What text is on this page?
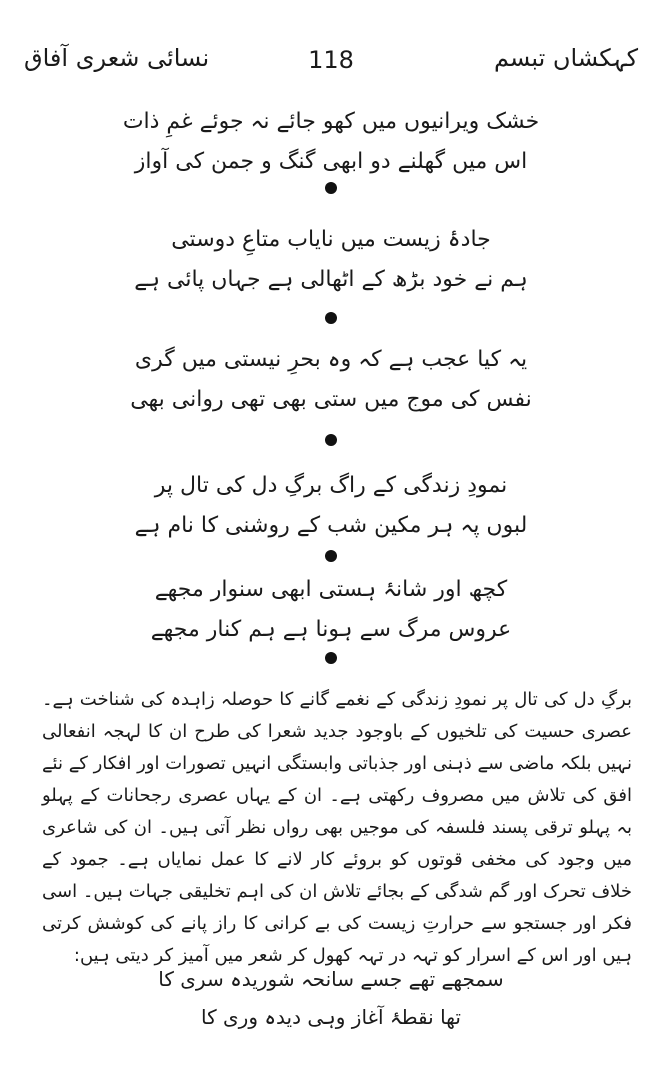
کہکشاں تبسم
118
نسائی شعری آفاق
خشک ویرانیوں میں کھو جائے نہ جوئے غمِ ذات
اس میں گھلنے دو ابھی گنگ و جمن کی آواز
جادۂ زیست میں نایاب متاعِ دوستی
ہم نے خود بڑھ کے اٹھالی ہے جہاں پائی ہے
یہ کیا عجب ہے کہ وہ بحرِ نیستی میں گری
نفس کی موج میں ستی بھی تھی روانی بھی
نمودِ زندگی کے راگ برگِ دل کی تال پر
لبوں پہ ہر مکین شب کے روشنی کا نام ہے
کچھ اور شانۂ ہستی ابھی سنوار مجھے
عروس مرگ سے ہونا ہے ہم کنار مجھے

برگِ دل کی تال پر نمودِ زندگی کے نغمے گانے کا حوصلہ زاہدہ کی شناخت ہے۔ عصری حسیت کی تلخیوں کے باوجود جدید شعرا کی طرح ان کا لہجہ انفعالی نہیں بلکہ ماضی سے ذہنی اور جذباتی وابستگی انہیں تصورات اور افکار کے نئے افق کی تلاش میں مصروف رکھتی ہے۔ ان کے یہاں عصری رجحانات کے پہلو بہ پہلو ترقی پسند فلسفہ کی موجیں بھی رواں نظر آتی ہیں۔ ان کی شاعری میں وجود کی مخفی قوتوں کو بروئے کار لانے کا عمل نمایاں ہے۔ جمود کے خلاف تحرک اور گم شدگی کے بجائے تلاش ان کی اہم تخلیقی جہات ہیں۔ اسی فکر اور جستجو سے حرارتِ زیست کی بے کرانی کا راز پانے کی کوشش کرتی ہیں اور اس کے اسرار کو تہہ در تہہ کھول کر شعر میں آمیز کر دیتی ہیں:

سمجھے تھے جسے سانحہ شوریدہ سری کا
تھا نقطۂ آغاز وہی دیدہ وری کا
